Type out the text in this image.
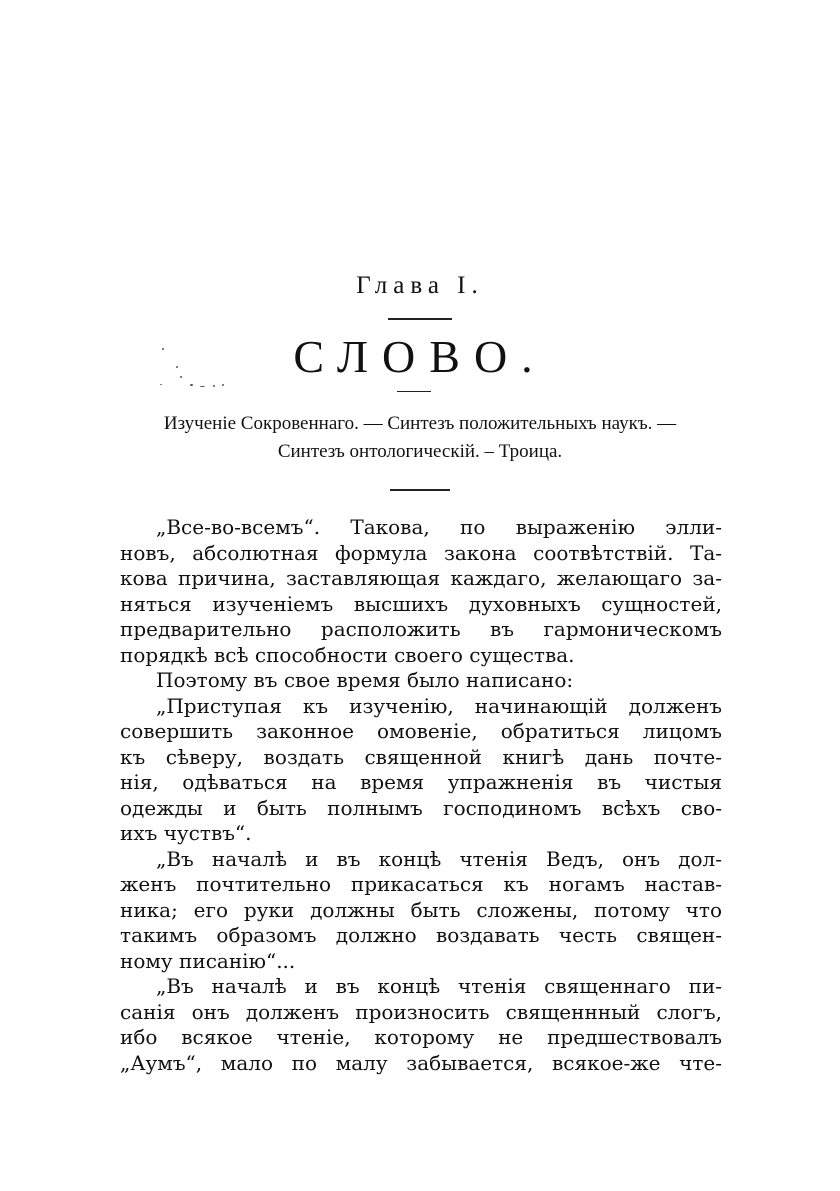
Глава I.
СЛОВО.
Изученіе Сокровеннаго. — Синтезъ положительныхъ наукъ. —
Синтезъ онтологическій. – Троица.
„Все-во-всемъ“. Такова, по выраженію элли-
новъ, абсолютная формула закона соотвѣтствій. Та-
кова причина, заставляющая каждаго, желающаго за-
няться изученіемъ высшихъ духовныхъ сущностей,
предварительно расположить въ гармоническомъ
порядкѣ всѣ способности своего существа.
Поэтому въ свое время было написано:
„Приступая къ изученію, начинающій долженъ
совершить законное омовеніе, обратиться лицомъ
къ сѣверу, воздать священной книгѣ дань почте-
нія, одѣваться на время упражненія въ чистыя
одежды и быть полнымъ господиномъ всѣхъ сво-
ихъ чуствъ“.
„Въ началѣ и въ концѣ чтенія Ведъ, онъ дол-
женъ почтительно прикасаться къ ногамъ настав-
ника; его руки должны быть сложены, потому что
такимъ образомъ должно воздавать честь священ-
ному писанію“...
„Въ началѣ и въ концѣ чтенія священнаго пи-
санія онъ долженъ произносить священнный слогъ,
ибо всякое чтеніе, которому не предшествовалъ
„Аумъ“, мало по малу забывается, всякое-же чте-
